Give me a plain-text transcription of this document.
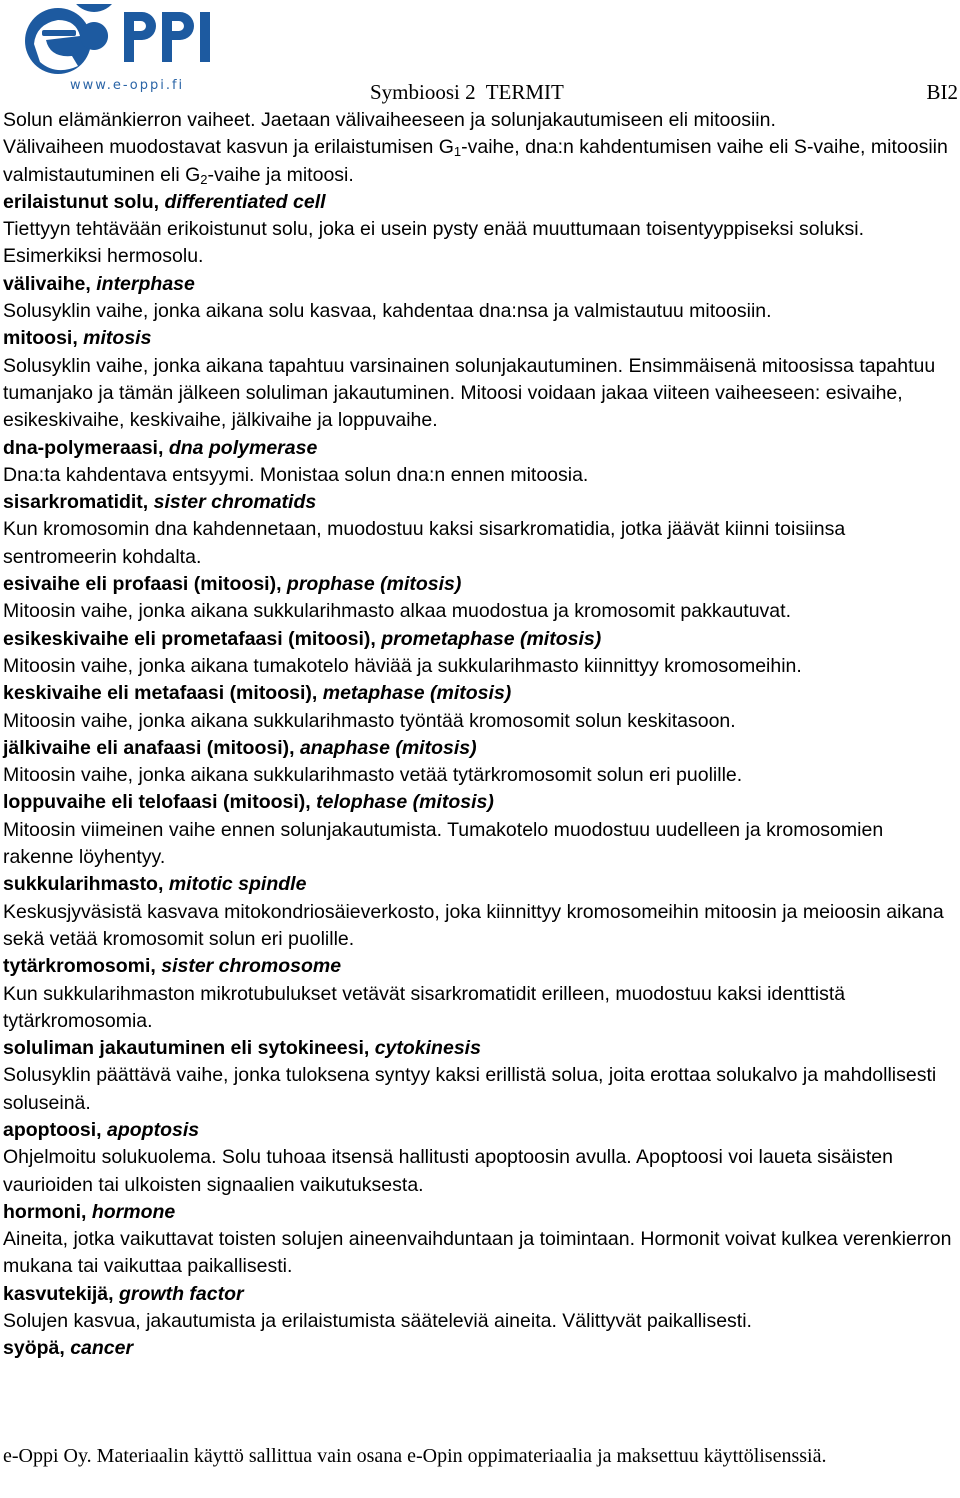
www.e-oppi.fi	Symbioosi 2  TERMIT	BI2

Solun elämänkierron vaiheet. Jaetaan välivaiheeseen ja solunjakautumiseen eli mitoosiin.

Välivaiheen muodostavat kasvun ja erilaistumisen $G_1$-vaihe, dna:n kahdentumisen vaihe eli S-vaihe, mitoosiin valmistautuminen eli $G_2$-vaihe ja mitoosi.

erilaistunut solu, differentiated cell

Tiettyyn tehtävään erikoistunut solu, joka ei usein pysty enää muuttumaan toisentyyppiseksi soluksi. Esimerkiksi hermosolu.

välivaihe, interphase

Solusyklin vaihe, jonka aikana solu kasvaa, kahdentaa dna:nsa ja valmistautuu mitoosiin.

mitoosi, mitosis

Solusyklin vaihe, jonka aikana tapahtuu varsinainen solunjakautuminen. Ensimmäisenä mitoosissa tapahtuu tumanjako ja tämän jälkeen soluliman jakautuminen. Mitoosi voidaan jakaa viiteen vaiheeseen: esivaihe, esikeskivaihe, keskivaihe, jälkivaihe ja loppuvaihe.

dna-polymeraasi, dna polymerase

Dna:ta kahdentava entsyymi. Monistaa solun dna:n ennen mitoosia.

sisarkromatidit, sister chromatids

Kun kromosomin dna kahdennetaan, muodostuu kaksi sisarkromatidia, jotka jäävät kiinni toisiinsa sentromeerin kohdalta.

esivaihe eli profaasi (mitoosi), prophase (mitosis)

Mitoosin vaihe, jonka aikana sukkularihmasto alkaa muodostua ja kromosomit pakkautuvat.

esikeskivaihe eli prometafaasi (mitoosi), prometaphase (mitosis)

Mitoosin vaihe, jonka aikana tumakotelo häviää ja sukkularihmasto kiinnittyy kromosomeihin.

keskivaihe eli metafaasi (mitoosi), metaphase (mitosis)

Mitoosin vaihe, jonka aikana sukkularihmasto työntää kromosomit solun keskitasoon.

jälkivaihe eli anafaasi (mitoosi), anaphase (mitosis)

Mitoosin vaihe, jonka aikana sukkularihmasto vetää tytärkromosomit solun eri puolille.

loppuvaihe eli telofaasi (mitoosi), telophase (mitosis)

Mitoosin viimeinen vaihe ennen solunjakautumista. Tumakotelo muodostuu uudelleen ja kromosomien rakenne löyhentyy.

sukkularihmasto, mitotic spindle

Keskusjyväsistä kasvava mitokondriosäieverkosto, joka kiinnittyy kromosomeihin mitoosin ja meioosin aikana sekä vetää kromosomit solun eri puolille.

tytärkromosomi, sister chromosome

Kun sukkularihmaston mikrotubulukset vetävät sisarkromatidit erilleen, muodostuu kaksi identtistä tytärkromosomia.

soluliman jakautuminen eli sytokineesi, cytokinesis

Solusyklin päättävä vaihe, jonka tuloksena syntyy kaksi erillistä solua, joita erottaa solukalvo ja mahdollisesti soluseinä.

apoptoosi, apoptosis

Ohjelmoitu solukuolema. Solu tuhoaa itsensä hallitusti apoptoosin avulla. Apoptoosi voi laueta sisäisten vaurioiden tai ulkoisten signaalien vaikutuksesta.

hormoni, hormone

Aineita, jotka vaikuttavat toisten solujen aineenvaihduntaan ja toimintaan. Hormonit voivat kulkea verenkierron mukana tai vaikuttaa paikallisesti.

kasvutekijä, growth factor

Solujen kasvua, jakautumista ja erilaistumista sääteleviä aineita. Välittyvät paikallisesti.

syöpä, cancer

e-Oppi Oy. Materiaalin käyttö sallittua vain osana e-Opin oppimateriaalia ja maksettuu käyttölisenssiä.
